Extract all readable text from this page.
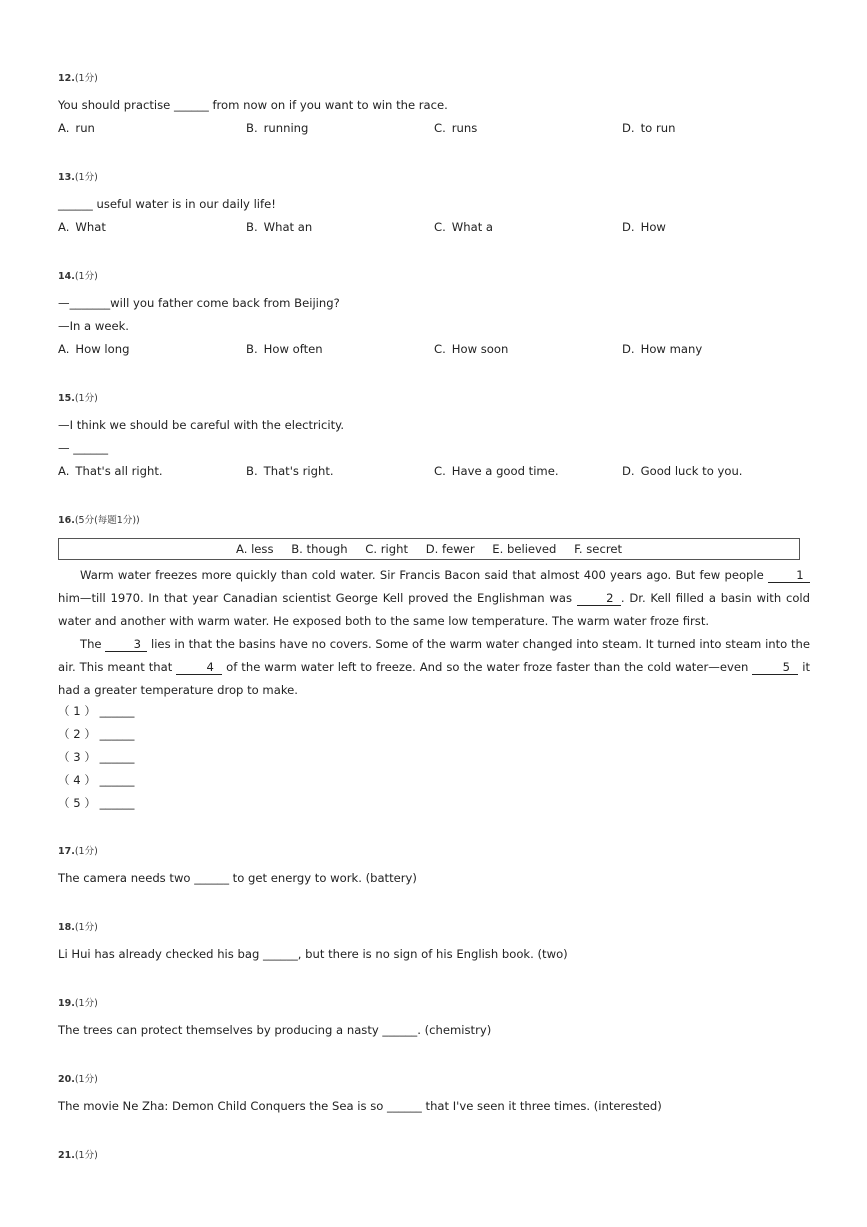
12.(1分)
You should practise ______ from now on if you want to win the race.
A. run	B. running	C. runs	D. to run
13.(1分)
______ useful water is in our daily life!
A. What	B. What an	C. What a	D. How
14.(1分)
—_______will you father come back from Beijing?
—In a week.
A. How long	B. How often	C. How soon	D. How many
15.(1分)
—I think we should be careful with the electricity.
— ______
A. That's all right.	B. That's right.	C. Have a good time.	D. Good luck to you.
16.(5分(每题1分))
A. less B. though C. right D. fewer E. believed F. secret

Warm water freezes more quickly than cold water. Sir Francis Bacon said that almost 400 years ago. But few people 1 him—till 1970. In that year Canadian scientist George Kell proved the Englishman was	2 . Dr. Kell filled a basin with cold water and another with warm water. He exposed both to the same low temperature. The warm water froze first.

The 3 lies in that the basins have no covers. Some of the warm water changed into steam. It turned into steam into the air. This meant that	4 of the warm water left to freeze. And so the water froze faster than the cold water—even	5 it had a greater temperature drop to make.

（ 1 ） ______
（ 2 ） ______
（ 3 ） ______
（ 4 ） ______
（ 5 ） ______
17.(1分)
The camera needs two ______ to get energy to work. (battery)
18.(1分)
Li Hui has already checked his bag ______, but there is no sign of his English book. (two)
19.(1分)
The trees can protect themselves by producing a nasty ______. (chemistry)
20.(1分)
The movie Ne Zha: Demon Child Conquers the Sea is so ______ that I've seen it three times. (interested)
21.(1分)
